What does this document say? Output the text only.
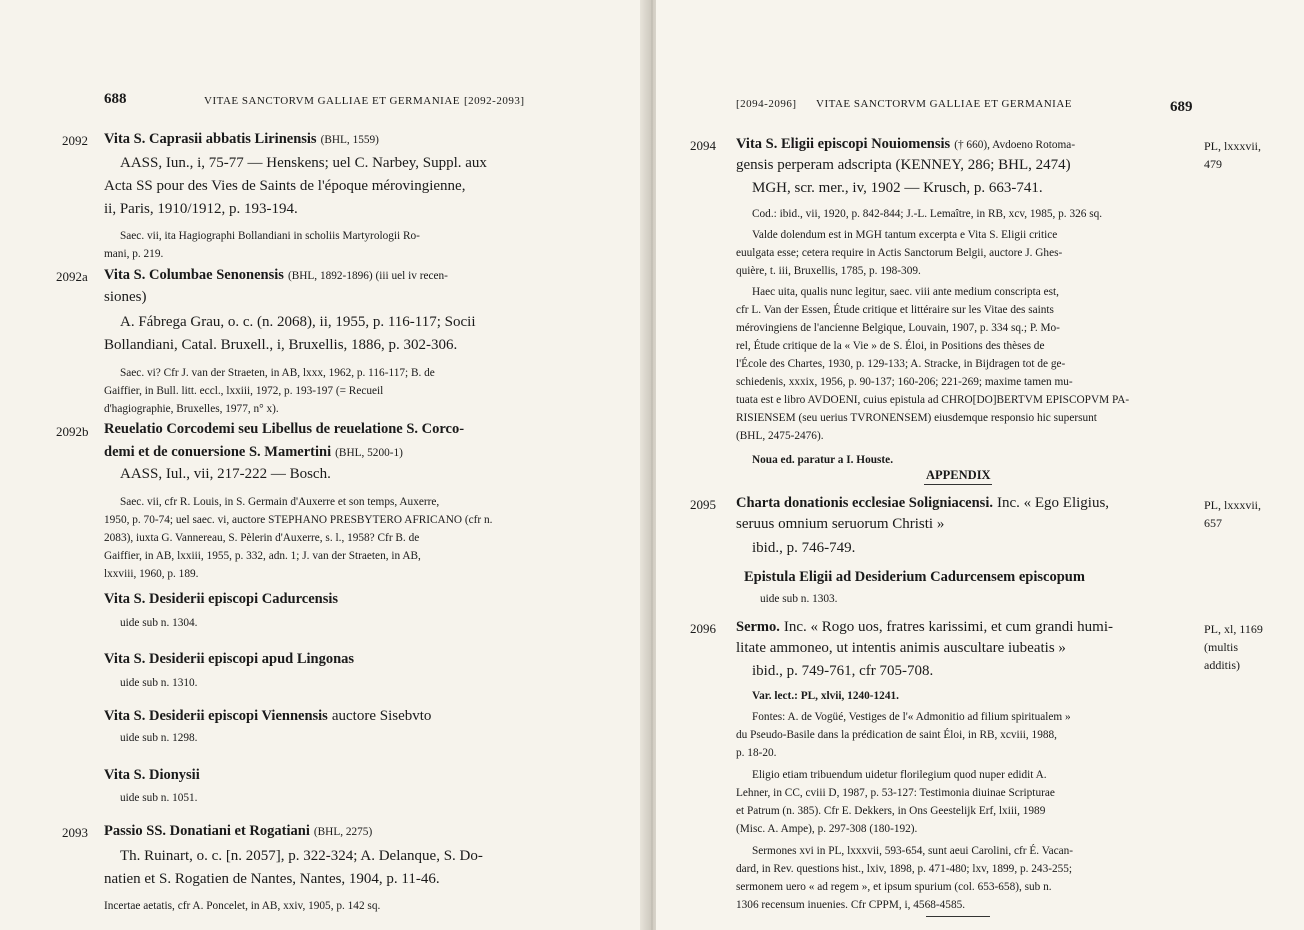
688	VITAE SANCTORVM GALLIAE ET GERMANIAE [2092-2093]
2092 Vita S. Caprasii abbatis Lirinensis (BHL, 1559)
AASS, Iun., i, 75-77 — Henskens; uel C. Narbey, Suppl. aux
Acta SS pour des Vies de Saints de l'époque mérovingienne,
ii, Paris, 1910/1912, p. 193-194.
Saec. vii, ita Hagiographi Bollandiani in scholiis Martyrologii Ro-
mani, p. 219.
2092a Vita S. Columbae Senonensis (BHL, 1892-1896) (iii uel iv recen-
siones)
A. Fábrega Grau, o. c. (n. 2068), ii, 1955, p. 116-117; Socii
Bollandiani, Catal. Bruxell., i, Bruxellis, 1886, p. 302-306.
Saec. vi? Cfr J. van der Straeten, in AB, lxxx, 1962, p. 116-117; B. de
Gaiffier, in Bull. litt. eccl., lxxiii, 1972, p. 193-197 (= Recueil
d'hagiographie, Bruxelles, 1977, n° x).
2092b Reuelatio Corcodemi seu Libellus de reuelatione S. Corco-
demi et de conuersione S. Mamertini (BHL, 5200-1)
AASS, Iul., vii, 217-222 — Bosch.
Saec. vii, cfr R. Louis, in S. Germain d'Auxerre et son temps, Auxerre,
1950, p. 70-74; uel saec. vi, auctore STEPHANO PRESBYTERO AFRICANO (cfr n.
2083), iuxta G. Vannereau, S. Pèlerin d'Auxerre, s. l., 1958? Cfr B. de
Gaiffier, in AB, lxxiii, 1955, p. 332, adn. 1; J. van der Straeten, in AB,
lxxviii, 1960, p. 189.
Vita S. Desiderii episcopi Cadurcensis
uide sub n. 1304.
Vita S. Desiderii episcopi apud Lingonas
uide sub n. 1310.
Vita S. Desiderii episcopi Viennensis auctore Sisebvto
uide sub n. 1298.
Vita S. Dionysii
uide sub n. 1051.
2093 Passio SS. Donatiani et Rogatiani (BHL, 2275)
Th. Ruinart, o. c. [n. 2057], p. 322-324; A. Delanque, S. Do-
natien et S. Rogatien de Nantes, Nantes, 1904, p. 11-46.
Incertae aetatis, cfr A. Poncelet, in AB, xxiv, 1905, p. 142 sq.
[2094-2096] VITAE SANCTORVM GALLIAE ET GERMANIAE	689
2094 Vita S. Eligii episcopi Nouiomensis († 660), Avdoeno Rotoma-
gensis perperam adscripta (KENNEY, 286; BHL, 2474)
MGH, scr. mer., iv, 1902 — Krusch, p. 663-741.
Cod.: ibid., vii, 1920, p. 842-844; J.-L. Lemaître, in RB, xcv, 1985, p. 326 sq.
Valde dolendum est in MGH tantum excerpta e Vita S. Eligii critice
euulgata esse; cetera require in Actis Sanctorum Belgii, auctore J. Ghes-
quière, t. iii, Bruxellis, 1785, p. 198-309.
Haec uita, qualis nunc legitur, saec. viii ante medium conscripta est,
cfr L. Van der Essen, Étude critique et littéraire sur les Vitae des saints
mérovingiens de l'ancienne Belgique, Louvain, 1907, p. 334 sq.; P. Mo-
rel, Étude critique de la « Vie » de S. Éloi, in Positions des thèses de
l'École des Chartes, 1930, p. 129-133; A. Stracke, in Bijdragen tot de ge-
schiedenis, xxxix, 1956, p. 90-137; 160-206; 221-269; maxime tamen mu-
tuata est e libro AVDOENI, cuius epistula ad CHRO[DO]BERTVM EPISCOPVM PA-
RISIENSEM (seu uerius TVRONENSEM) eiusdemque responsio hic supersunt
(BHL, 2475-2476).
Noua ed. paratur a I. Houste.
PL, lxxxvii,
479
APPENDIX
2095 Charta donationis ecclesiae Soligniacensi. Inc. « Ego Eligius,
seruus omnium seruorum Christi »
ibid., p. 746-749.
PL, lxxxvii,
657
Epistula Eligii ad Desiderium Cadurcensem episcopum
uide sub n. 1303.
2096 Sermo. Inc. « Rogo uos, fratres karissimi, et cum grandi humi-
litate ammoneo, ut intentis animis auscultare iubeatis »
ibid., p. 749-761, cfr 705-708.
Var. lect.: PL, xlvii, 1240-1241.
Fontes: A. de Vogüé, Vestiges de l'« Admonitio ad filium spiritualem »
du Pseudo-Basile dans la prédication de saint Éloi, in RB, xcviii, 1988,
p. 18-20.
Eligio etiam tribuendum uidetur florilegium quod nuper edidit A.
Lehner, in CC, cviii D, 1987, p. 53-127: Testimonia diuinae Scripturae
et Patrum (n. 385). Cfr E. Dekkers, in Ons Geestelijk Erf, lxiii, 1989
(Misc. A. Ampe), p. 297-308 (180-192).
Sermones xvi in PL, lxxxvii, 593-654, sunt aeui Carolini, cfr É. Vacan-
dard, in Rev. questions hist., lxiv, 1898, p. 471-480; lxv, 1899, p. 243-255;
sermonem uero « ad regem », et ipsum spurium (col. 653-658), sub n.
1306 recensum inuenies. Cfr CPPM, i, 4568-4585.
PL, xl, 1169
(multis
additis)
